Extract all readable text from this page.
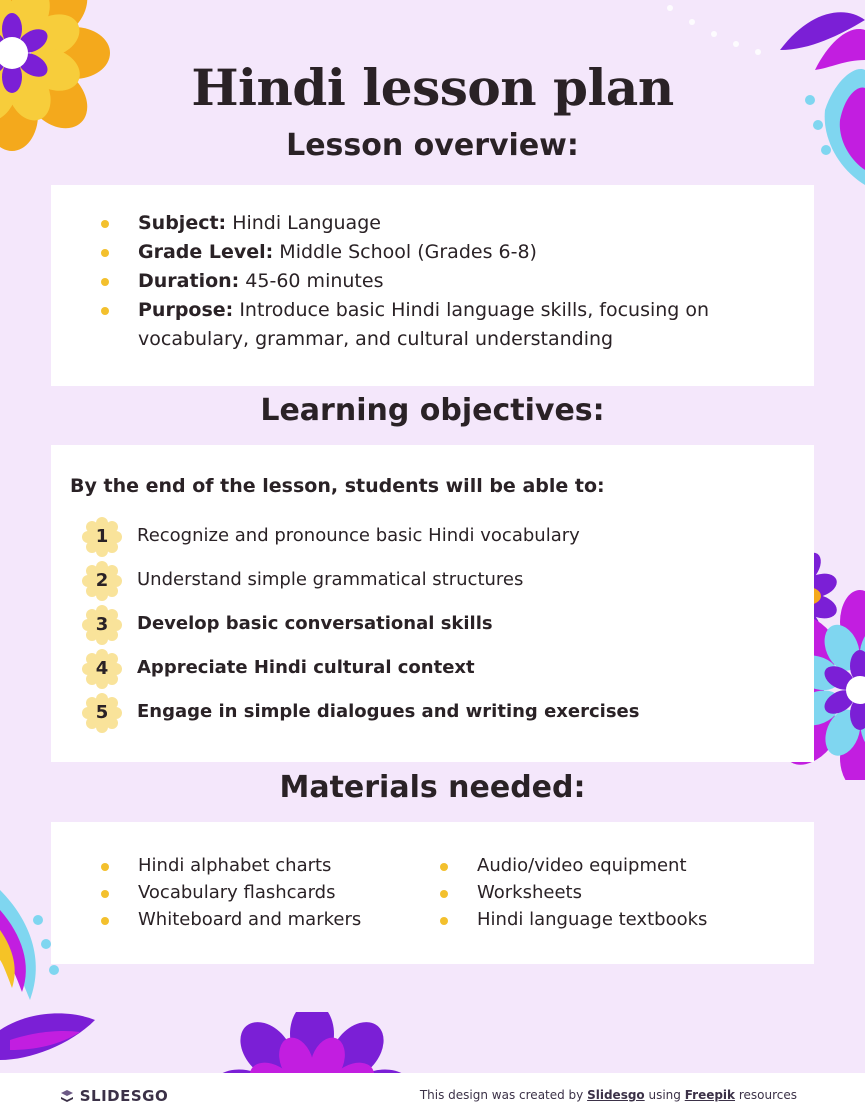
Hindi lesson plan
Lesson overview:
Subject: Hindi Language
Grade Level: Middle School (Grades 6-8)
Duration: 45-60 minutes
Purpose: Introduce basic Hindi language skills, focusing on vocabulary, grammar, and cultural understanding
Learning objectives:
By the end of the lesson, students will be able to:
1	Recognize and pronounce basic Hindi vocabulary
2	Understand simple grammatical structures
3	Develop basic conversational skills
4	Appreciate Hindi cultural context
5	Engage in simple dialogues and writing exercises
Materials needed:
Hindi alphabet charts
Vocabulary flashcards
Whiteboard and markers
Audio/video equipment
Worksheets
Hindi language textbooks
SLIDESGO	This design was created by Slidesgo using Freepik resources
